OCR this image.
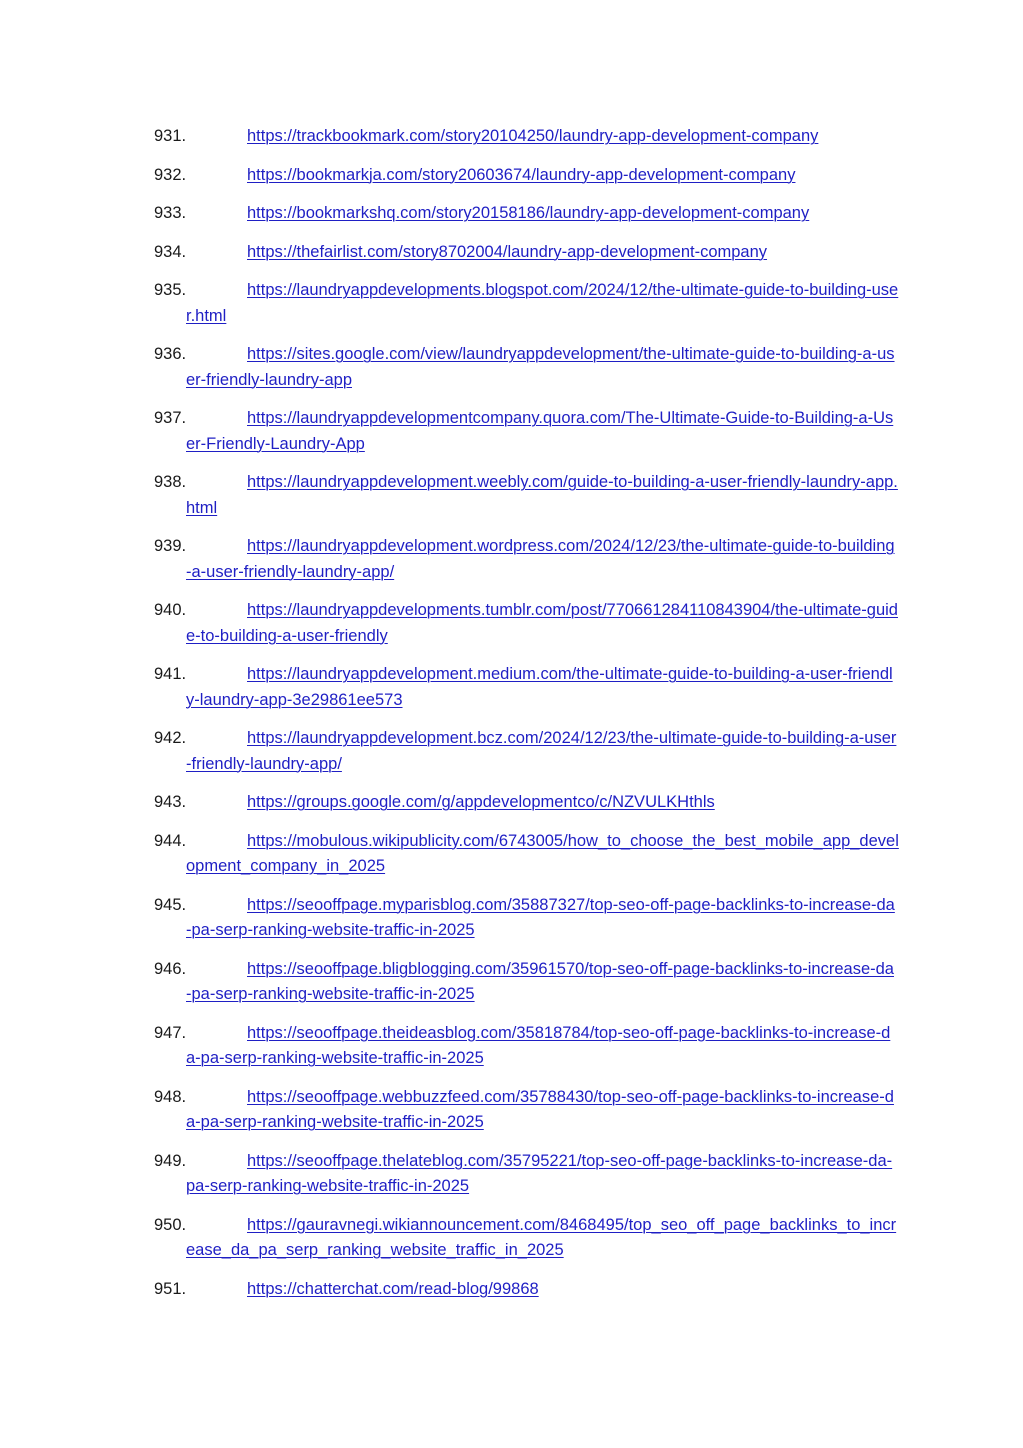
931.	https://trackbookmark.com/story20104250/laundry-app-development-company
932.	https://bookmarkja.com/story20603674/laundry-app-development-company
933.	https://bookmarkshq.com/story20158186/laundry-app-development-company
934.	https://thefairlist.com/story8702004/laundry-app-development-company
935.	https://laundryappdevelopments.blogspot.com/2024/12/the-ultimate-guide-to-building-user.html
936.	https://sites.google.com/view/laundryappdevelopment/the-ultimate-guide-to-building-a-user-friendly-laundry-app
937.	https://laundryappdevelopmentcompany.quora.com/The-Ultimate-Guide-to-Building-a-User-Friendly-Laundry-App
938.	https://laundryappdevelopment.weebly.com/guide-to-building-a-user-friendly-laundry-app.html
939.	https://laundryappdevelopment.wordpress.com/2024/12/23/the-ultimate-guide-to-building-a-user-friendly-laundry-app/
940.	https://laundryappdevelopments.tumblr.com/post/770661284110843904/the-ultimate-guide-to-building-a-user-friendly
941.	https://laundryappdevelopment.medium.com/the-ultimate-guide-to-building-a-user-friendly-laundry-app-3e29861ee573
942.	https://laundryappdevelopment.bcz.com/2024/12/23/the-ultimate-guide-to-building-a-user-friendly-laundry-app/
943.	https://groups.google.com/g/appdevelopmentco/c/NZVULKHthls
944.	https://mobulous.wikipublicity.com/6743005/how_to_choose_the_best_mobile_app_development_company_in_2025
945.	https://seooffpage.myparisblog.com/35887327/top-seo-off-page-backlinks-to-increase-da-pa-serp-ranking-website-traffic-in-2025
946.	https://seooffpage.bligblogging.com/35961570/top-seo-off-page-backlinks-to-increase-da-pa-serp-ranking-website-traffic-in-2025
947.	https://seooffpage.theideasblog.com/35818784/top-seo-off-page-backlinks-to-increase-da-pa-serp-ranking-website-traffic-in-2025
948.	https://seooffpage.webbuzzfeed.com/35788430/top-seo-off-page-backlinks-to-increase-da-pa-serp-ranking-website-traffic-in-2025
949.	https://seooffpage.thelateblog.com/35795221/top-seo-off-page-backlinks-to-increase-da-pa-serp-ranking-website-traffic-in-2025
950.	https://gauravnegi.wikiannouncement.com/8468495/top_seo_off_page_backlinks_to_increase_da_pa_serp_ranking_website_traffic_in_2025
951.	https://chatterchat.com/read-blog/99868
